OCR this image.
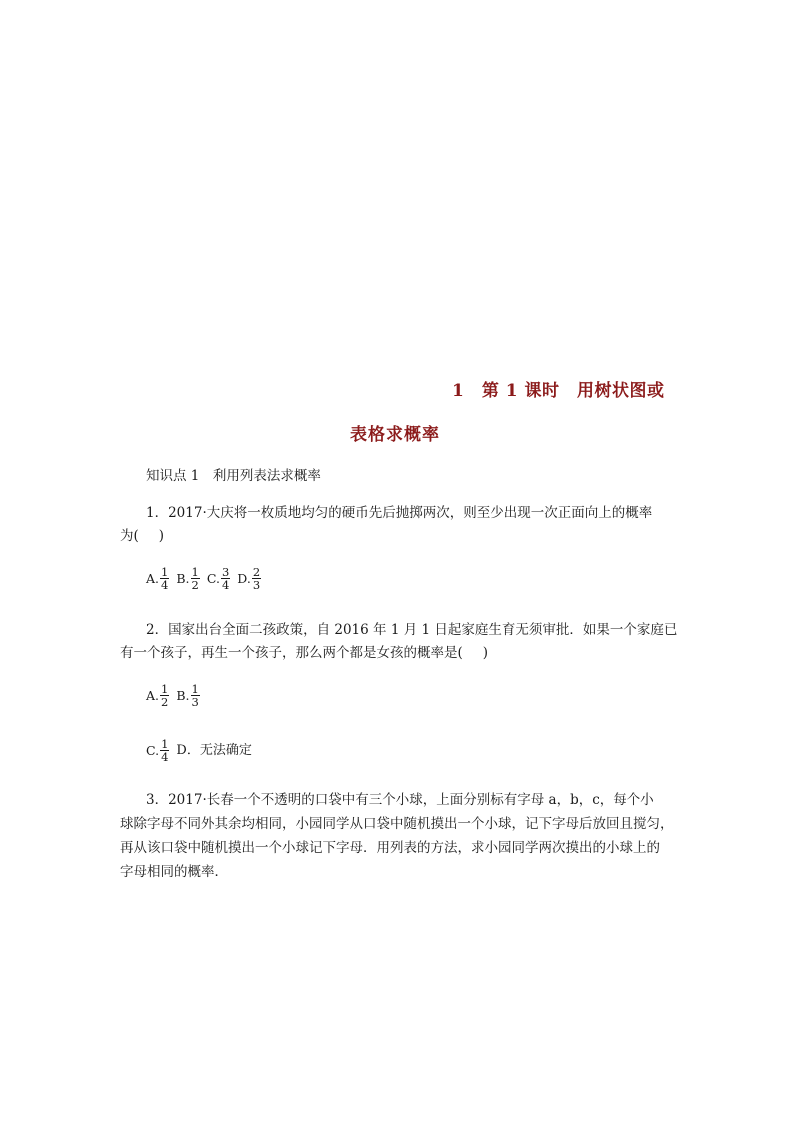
1　第 1 课时　用树状图或
表格求概率
知识点 1　利用列表法求概率
1．2017·大庆将一枚质地均匀的硬币先后抛掷两次，则至少出现一次正面向上的概率
为( )
A. $\frac{1}{4} B$. $\frac{1}{2} C$. $\frac{3}{4} D$. $\frac{2}{3}$
2．国家出台全面二孩政策，自 2016 年 1 月 1 日起家庭生育无须审批．如果一个家庭已
有一个孩子，再生一个孩子，那么两个都是女孩的概率是( )
A. $\frac{1}{2} B$. $\frac{1}{3}$
C. $\frac{1}{4}$ D．无法确定
3．2017·长春一个不透明的口袋中有三个小球，上面分别标有字母 a，b，c，每个小
球除字母不同外其余均相同，小园同学从口袋中随机摸出一个小球，记下字母后放回且搅匀，
再从该口袋中随机摸出一个小球记下字母．用列表的方法，求小园同学两次摸出的小球上的
字母相同的概率．
